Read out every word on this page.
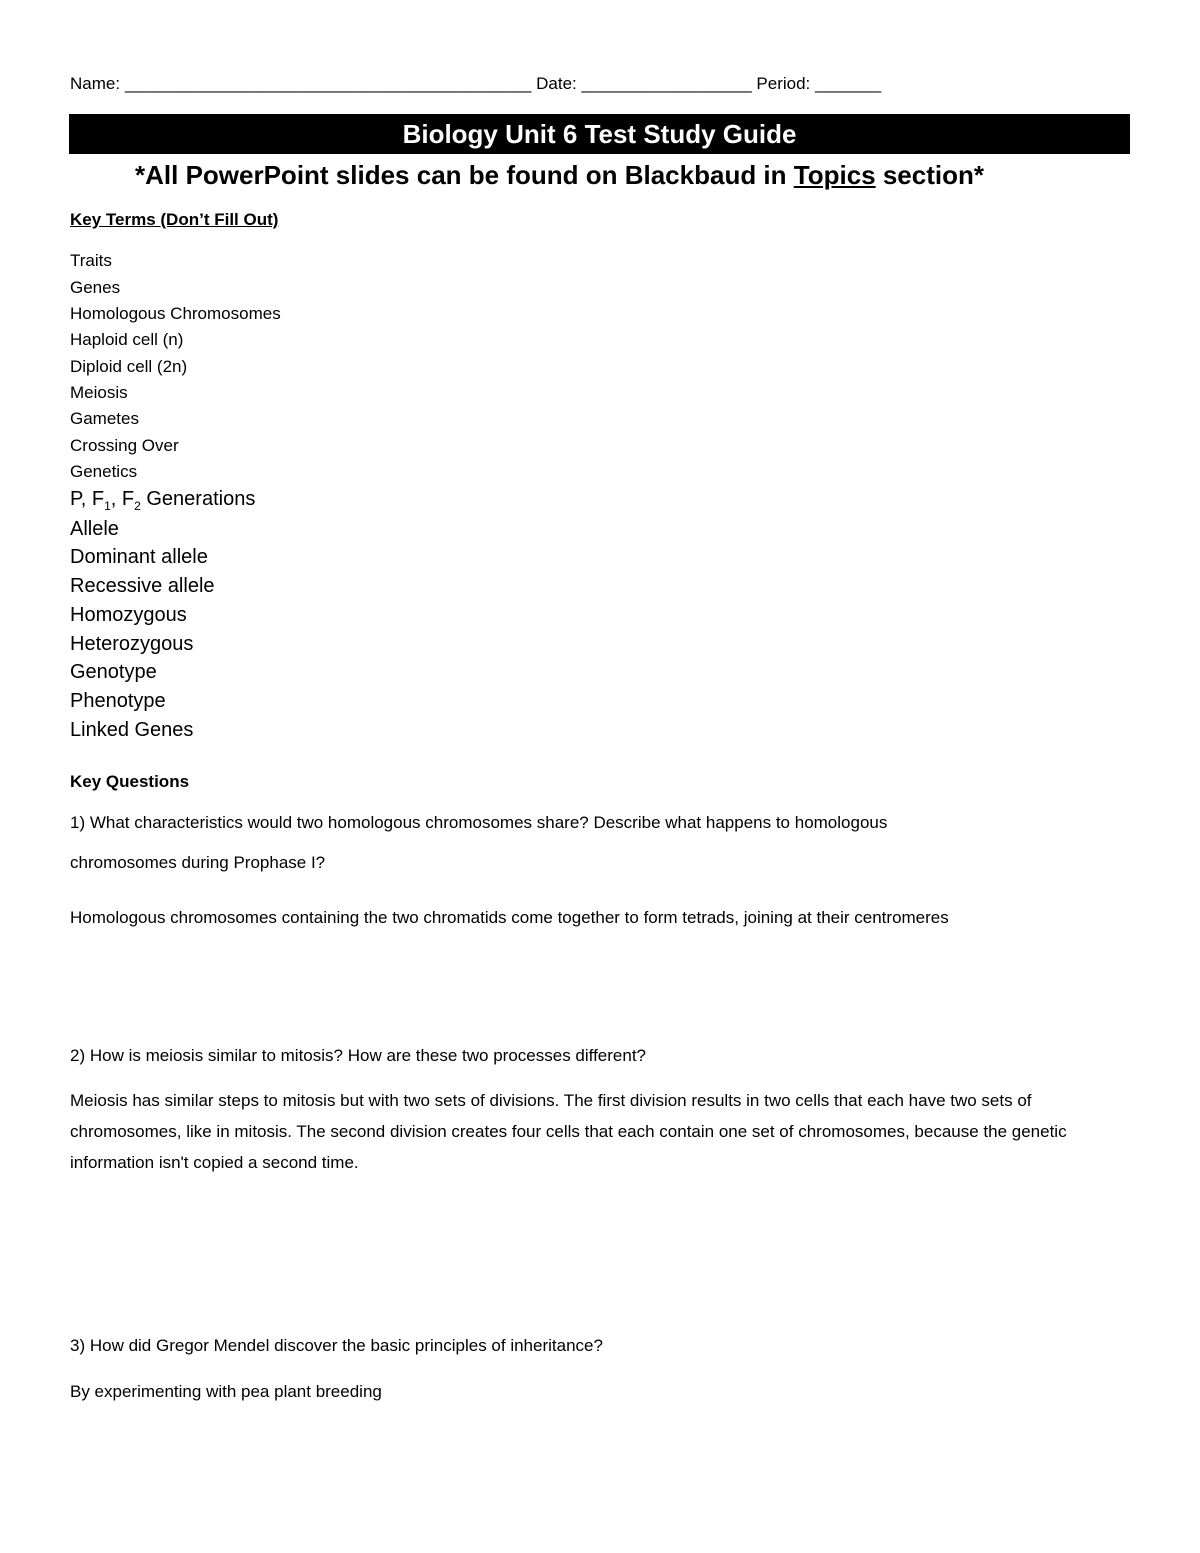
Name: ___________________________________________ Date: __________________ Period: _______
Biology Unit 6 Test Study Guide
*All PowerPoint slides can be found on Blackbaud in Topics section*
Key Terms (Don’t Fill Out)
Traits
Genes
Homologous Chromosomes
Haploid cell (n)
Diploid cell (2n)
Meiosis
Gametes
Crossing Over
Genetics
P, $F_1$, $F_2$ Generations
Allele
Dominant allele
Recessive allele
Homozygous
Heterozygous
Genotype
Phenotype
Linked Genes
Key Questions
1) What characteristics would two homologous chromosomes share? Describe what happens to homologous
chromosomes during Prophase I?
Homologous chromosomes containing the two chromatids come together to form tetrads, joining at their centromeres
2) How is meiosis similar to mitosis? How are these two processes different?
Meiosis has similar steps to mitosis but with two sets of divisions. The first division results in two cells that each have two sets of chromosomes, like in mitosis. The second division creates four cells that each contain one set of chromosomes, because the genetic information isn't copied a second time.
3) How did Gregor Mendel discover the basic principles of inheritance?
By experimenting with pea plant breeding
